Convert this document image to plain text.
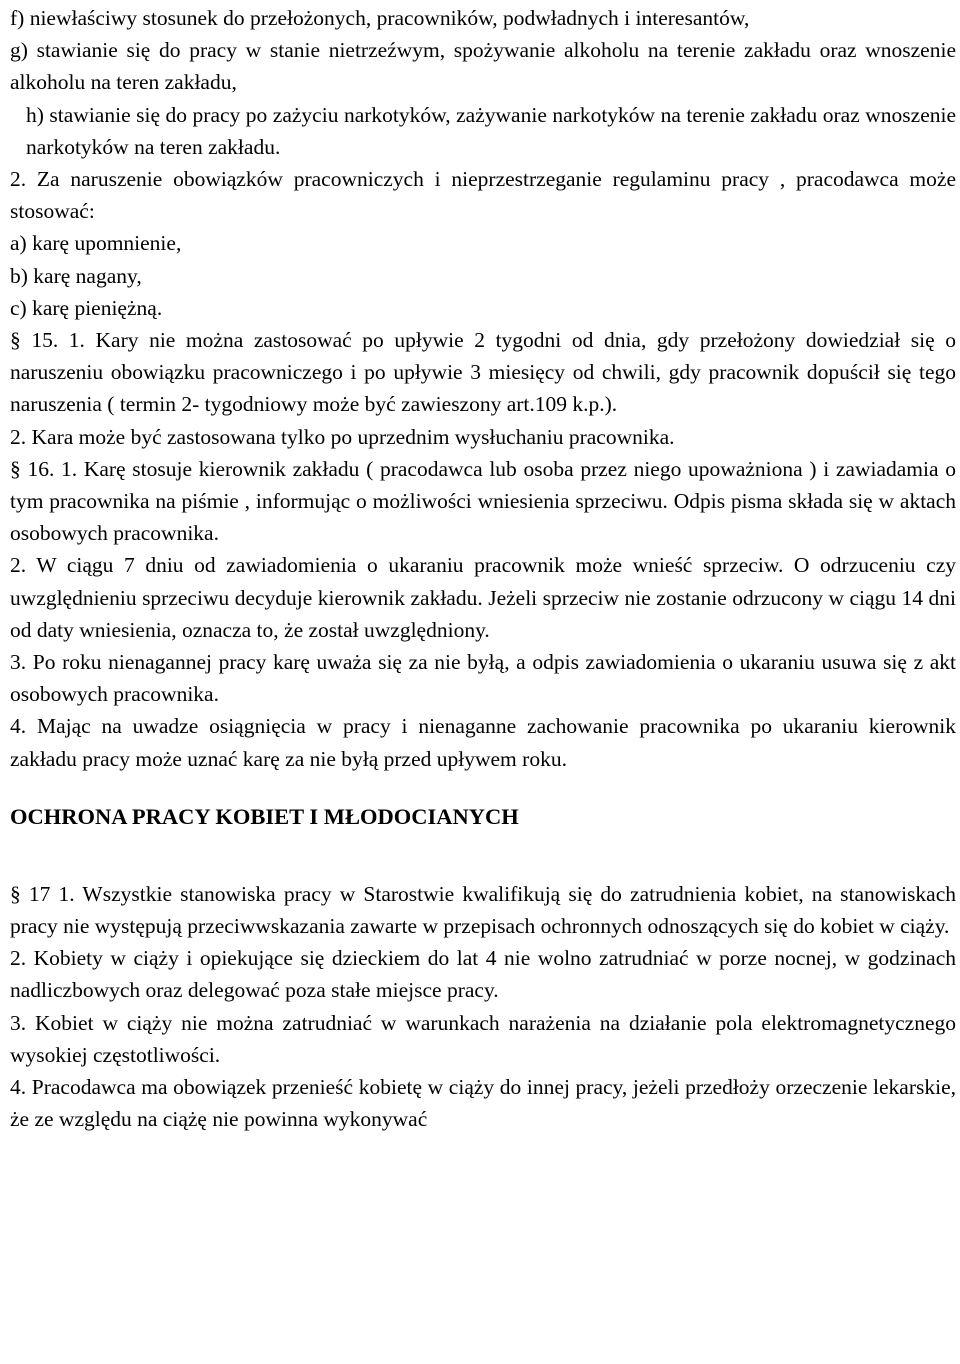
f) niewłaściwy stosunek do przełożonych, pracowników, podwładnych i interesantów,

g) stawianie się do pracy w stanie nietrzeźwym, spożywanie alkoholu na terenie zakładu oraz wnoszenie alkoholu na teren zakładu,

h) stawianie się do pracy po zażyciu narkotyków, zażywanie narkotyków na terenie zakładu oraz wnoszenie narkotyków na teren zakładu.

2. Za naruszenie obowiązków pracowniczych i nieprzestrzeganie regulaminu pracy , pracodawca może stosować:

a) karę upomnienie,

b) karę nagany,

c) karę pieniężną.

§ 15. 1. Kary nie można zastosować po upływie 2 tygodni od dnia, gdy przełożony dowiedział się o naruszeniu obowiązku pracowniczego i po upływie 3 miesięcy od chwili, gdy pracownik dopuścił się tego naruszenia ( termin 2- tygodniowy może być zawieszony art.109 k.p.).

2. Kara może być zastosowana tylko po uprzednim wysłuchaniu pracownika.

§ 16. 1. Karę stosuje kierownik zakładu ( pracodawca lub osoba przez niego upoważniona ) i zawiadamia o tym pracownika na piśmie , informując o możliwości wniesienia sprzeciwu. Odpis pisma składa się w aktach osobowych pracownika.

2. W ciągu 7 dniu od zawiadomienia o ukaraniu pracownik może wnieść sprzeciw. O odrzuceniu czy uwzględnieniu sprzeciwu decyduje kierownik zakładu. Jeżeli sprzeciw nie zostanie odrzucony w ciągu 14 dni od daty wniesienia, oznacza to, że został uwzględniony.

3. Po roku nienagannej pracy karę uważa się za nie byłą, a odpis zawiadomienia o ukaraniu usuwa się z akt osobowych pracownika.

4. Mając na uwadze osiągnięcia w pracy i nienaganne zachowanie pracownika po ukaraniu kierownik zakładu pracy może uznać karę za nie byłą przed upływem roku.

OCHRONA PRACY KOBIET I MŁODOCIANYCH

§ 17 1. Wszystkie stanowiska pracy w Starostwie kwalifikują się do zatrudnienia kobiet, na stanowiskach pracy nie występują przeciwwskazania zawarte w przepisach ochronnych odnoszących się do kobiet w ciąży.

2. Kobiety w ciąży i opiekujące się dzieckiem do lat 4 nie wolno zatrudniać w porze nocnej, w godzinach nadliczbowych oraz delegować poza stałe miejsce pracy.

3. Kobiet w ciąży nie można zatrudniać w warunkach narażenia na działanie pola elektromagnetycznego wysokiej częstotliwości.

4. Pracodawca ma obowiązek przenieść kobietę w ciąży do innej pracy, jeżeli przedłoży orzeczenie lekarskie, że ze względu na ciążę nie powinna wykonywać
